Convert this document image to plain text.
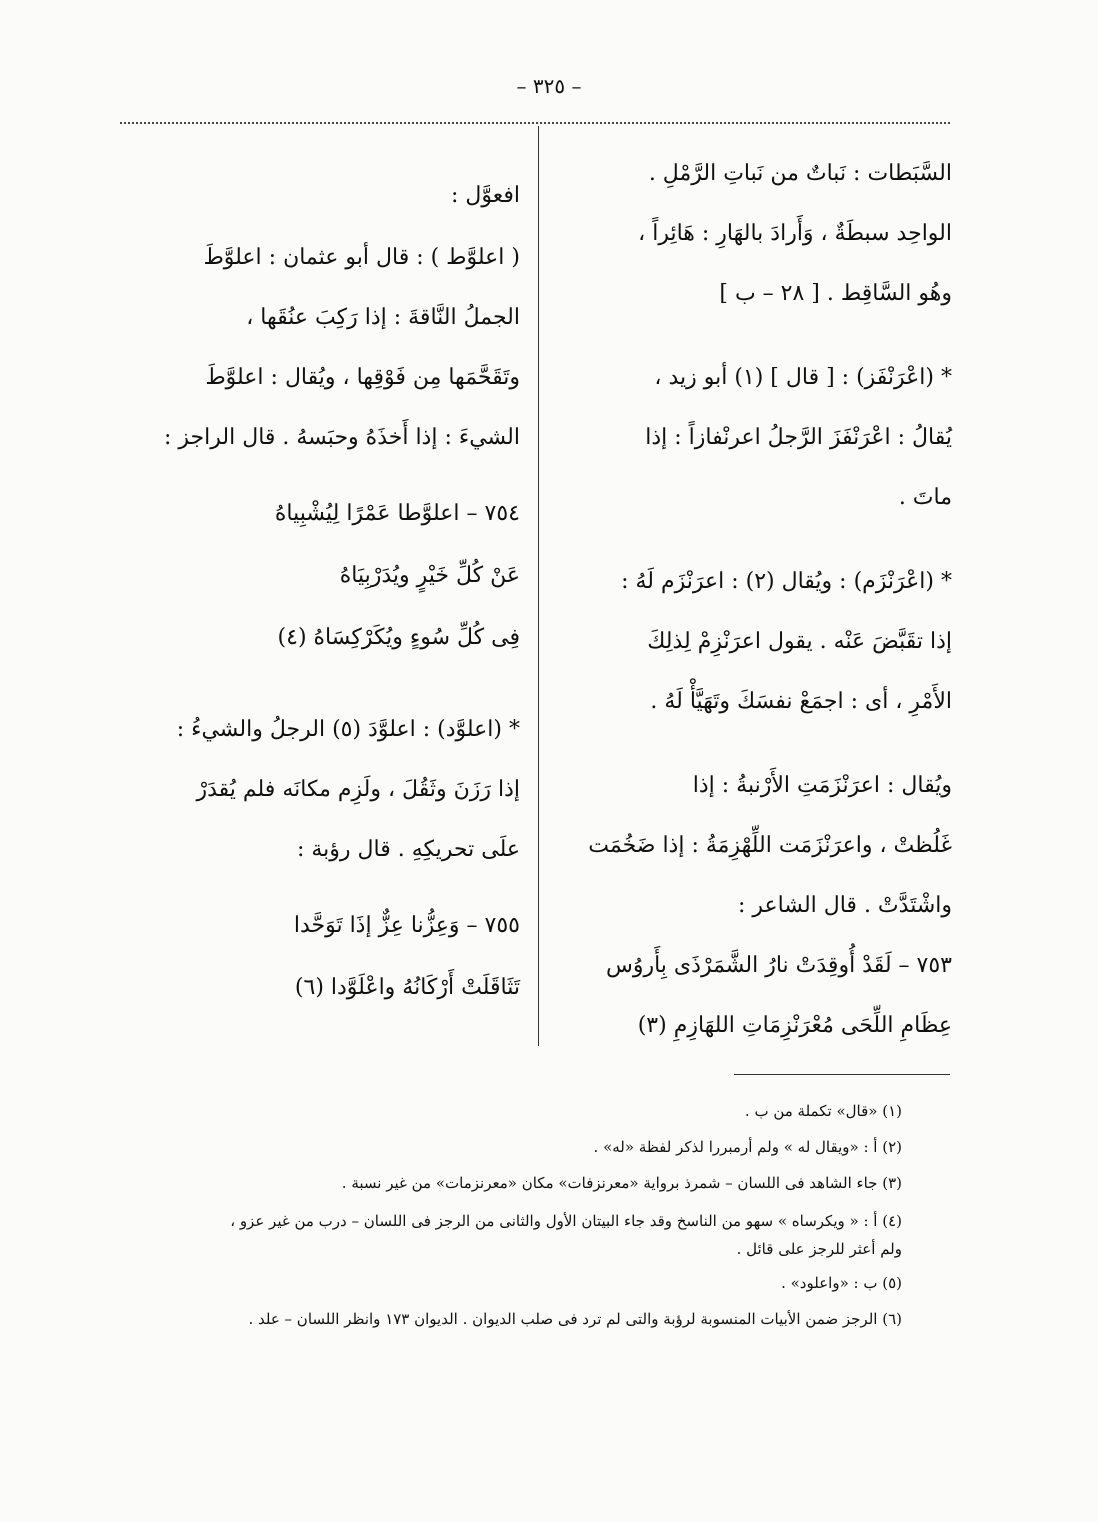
– ٣٢٥ –
السَّبَطات : نَباتٌ من نَباتِ الرَّمْلِ .
الواحِد سبطَةٌ ، وَأَرادَ بالهَارِ : هَائِراً ،
وهُو السَّاقِط . [ ٢٨ – ب ]
* (اعْرَنْفَز) : [ قال ] (١) أبو زيد ،
يُقالُ : اعْرَنْفَزَ الرَّجلُ اعرنْفازاً : إذا
ماتَ .
* (اعْرَنْزَم) : ويُقال (٢) : اعرَنْزَم لَهُ :
إذا تقَبَّضَ عَنْه . يقول اعرَنْزِمْ لِذلِكَ
الأَمْرِ ، أى : اجمَعْ نفسَكَ وتَهَيَّأْ لَهُ .
ويُقال : اعرَنْزَمَتِ الأَرْنبةُ : إذا
غَلُظتْ ، واعرَنْزَمَت اللِّهْزِمَةُ : إذا ضَخُمَت
واشْتَدَّتْ . قال الشاعر :
٧٥٣ – لَقَدْ أُوقِدَتْ نارُ الشَّمَرْذَى بِأَروُس
عِظَامِ اللِّحَى مُعْرَنْزِمَاتِ اللهَازِمِ (٣)
افعوَّل :
( اعلوَّط ) : قال أبو عثمان : اعلوَّطَ
الجملُ النَّاقةَ : إذا رَكِبَ عنُقَها ،
وتَقَحَّمَها مِن فَوْقِها ، ويُقال : اعلوَّطَ
الشيءَ : إذا أَخذَهُ وحبَسهُ . قال الراجز :
٧٥٤ – اعلوَّطا عَمْرًا لِيُشْبِياهُ
عَنْ كُلِّ خَيْرٍ ويُدَرْبِيَاهُ
فِى كُلِّ سُوءٍ ويُكَرْكِسَاهُ (٤)
* (اعلوَّد) : اعلوَّدَ (٥) الرجلُ والشيءُ :
إذا رَزَنَ وثَقُلَ ، ولَزِم مكانَه فلم يُقدَرْ
علَى تحريكِهِ . قال رؤبة :
٧٥٥ – وَعِزُّنا عِزٌّ إذَا تَوَحَّدا
تَثَاقَلَتْ أَرْكَانُهُ واعْلَوَّدا (٦)
(١) «قال» تكملة من ب .
(٢) أ : «ويقال له » ولم أرمبررا لذكر لفظة «له» .
(٣) جاء الشاهد فى اللسان – شمرذ برواية «معرنزفات» مكان «معرنزمات» من غير نسبة .
(٤) أ : « ويكرساه » سهو من الناسخ وقد جاء البيتان الأول والثانى من الرجز فى اللسان – درب من غير عزو ،
ولم أعثر للرجز على قائل .
(٥) ب : «واعلود» .
(٦) الرجز ضمن الأبيات المنسوبة لرؤبة والتى لم ترد فى صلب الديوان . الديوان ١٧٣ وانظر اللسان – علد .
